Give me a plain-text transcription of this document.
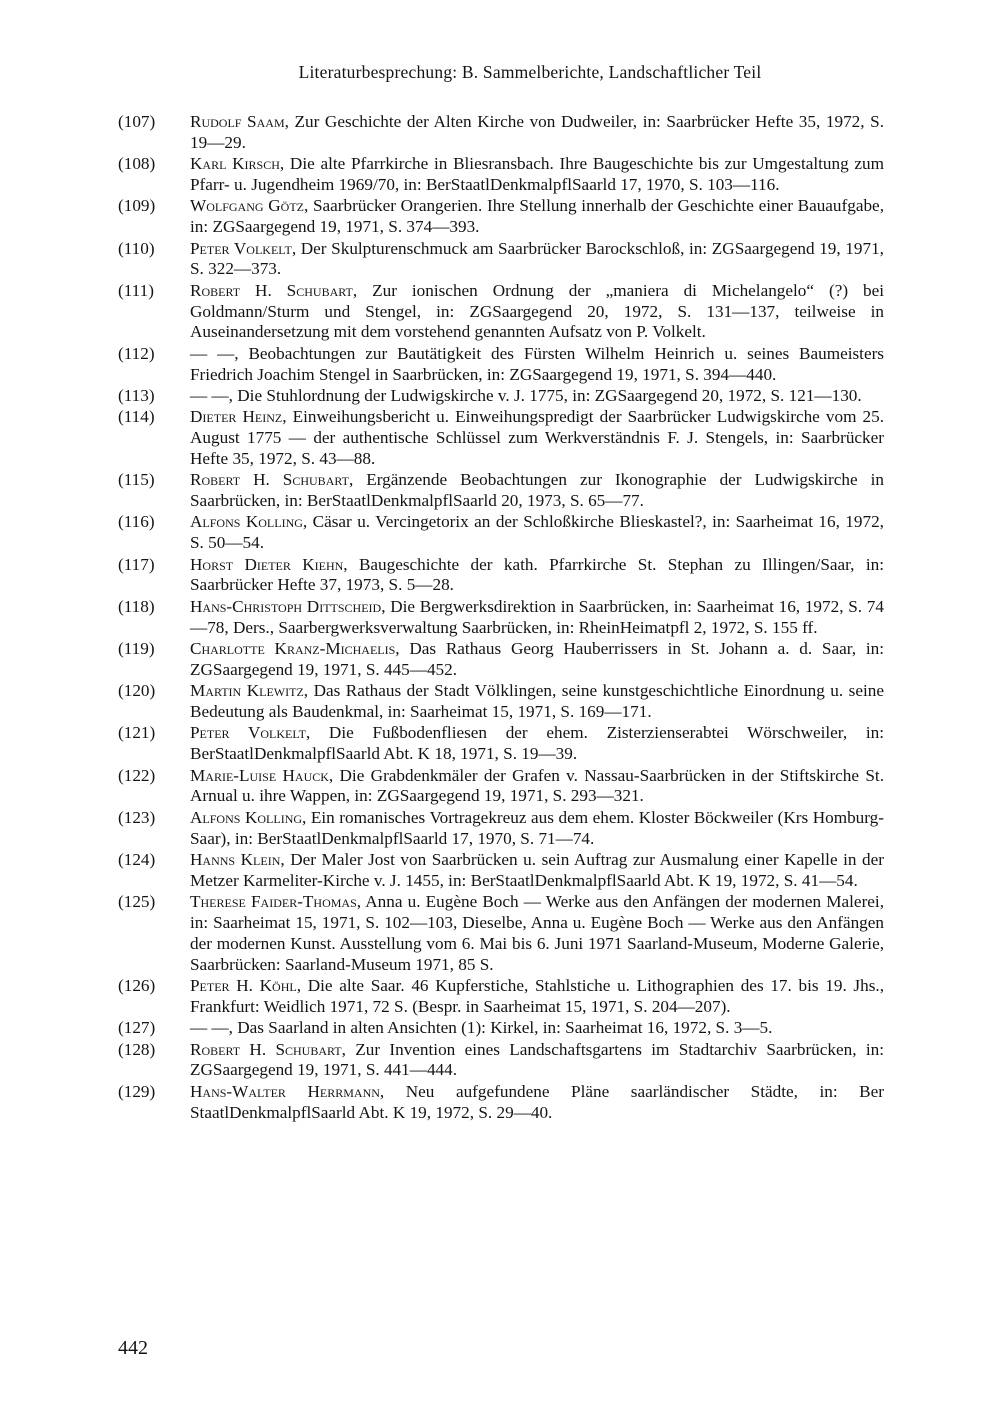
Literaturbesprechung: B. Sammelberichte, Landschaftlicher Teil
(107) Rudolf Saam, Zur Geschichte der Alten Kirche von Dudweiler, in: Saarbrücker Hefte 35, 1972, S. 19—29.
(108) Karl Kirsch, Die alte Pfarrkirche in Bliesransbach. Ihre Baugeschichte bis zur Umgestaltung zum Pfarr- u. Jugendheim 1969/70, in: BerStaatlDenkmalpflSaarld 17, 1970, S. 103—116.
(109) Wolfgang Götz, Saarbrücker Orangerien. Ihre Stellung innerhalb der Geschichte einer Bauaufgabe, in: ZGSaargegend 19, 1971, S. 374—393.
(110) Peter Volkelt, Der Skulpturenschmuck am Saarbrücker Barockschloß, in: ZGSaargegend 19, 1971, S. 322—373.
(111) Robert H. Schubart, Zur ionischen Ordnung der „maniera di Michelangelo“ (?) bei Goldmann/Sturm und Stengel, in: ZGSaargegend 20, 1972, S. 131—137, teilweise in Auseinandersetzung mit dem vorstehend genannten Aufsatz von P. Volkelt.
(112) — —, Beobachtungen zur Bautätigkeit des Fürsten Wilhelm Heinrich u. seines Baumeisters Friedrich Joachim Stengel in Saarbrücken, in: ZGSaargegend 19, 1971, S. 394—440.
(113) — —, Die Stuhlordnung der Ludwigskirche v. J. 1775, in: ZGSaargegend 20, 1972, S. 121—130.
(114) Dieter Heinz, Einweihungsbericht u. Einweihungspredigt der Saarbrücker Ludwigskirche vom 25. August 1775 — der authentische Schlüssel zum Werkverständnis F. J. Stengels, in: Saarbrücker Hefte 35, 1972, S. 43—88.
(115) Robert H. Schubart, Ergänzende Beobachtungen zur Ikonographie der Ludwigskirche in Saarbrücken, in: BerStaatlDenkmalpflSaarld 20, 1973, S. 65—77.
(116) Alfons Kolling, Cäsar u. Vercingetorix an der Schloßkirche Blieskastel?, in: Saarheimat 16, 1972, S. 50—54.
(117) Horst Dieter Kiehn, Baugeschichte der kath. Pfarrkirche St. Stephan zu Illingen/Saar, in: Saarbrücker Hefte 37, 1973, S. 5—28.
(118) Hans-Christoph Dittscheid, Die Bergwerksdirektion in Saarbrücken, in: Saarheimat 16, 1972, S. 74—78, Ders., Saarbergwerksverwaltung Saarbrücken, in: RheinHeimatpfl 2, 1972, S. 155 ff.
(119) Charlotte Kranz-Michaelis, Das Rathaus Georg Hauberrissers in St. Johann a. d. Saar, in: ZGSaargegend 19, 1971, S. 445—452.
(120) Martin Klewitz, Das Rathaus der Stadt Völklingen, seine kunstgeschichtliche Einordnung u. seine Bedeutung als Baudenkmal, in: Saarheimat 15, 1971, S. 169—171.
(121) Peter Volkelt, Die Fußbodenfliesen der ehem. Zisterzienserabtei Wörschweiler, in: BerStaatlDenkmalpflSaarld Abt. K 18, 1971, S. 19—39.
(122) Marie-Luise Hauck, Die Grabdenkmäler der Grafen v. Nassau-Saarbrücken in der Stiftskirche St. Arnual u. ihre Wappen, in: ZGSaargegend 19, 1971, S. 293—321.
(123) Alfons Kolling, Ein romanisches Vortragekreuz aus dem ehem. Kloster Böckweiler (Krs Homburg-Saar), in: BerStaatlDenkmalpflSaarld 17, 1970, S. 71—74.
(124) Hanns Klein, Der Maler Jost von Saarbrücken u. sein Auftrag zur Ausmalung einer Kapelle in der Metzer Karmeliter-Kirche v. J. 1455, in: BerStaatlDenkmalpflSaarld Abt. K 19, 1972, S. 41—54.
(125) Therese Faider-Thomas, Anna u. Eugène Boch — Werke aus den Anfängen der modernen Malerei, in: Saarheimat 15, 1971, S. 102—103, Dieselbe, Anna u. Eugène Boch — Werke aus den Anfängen der modernen Kunst. Ausstellung vom 6. Mai bis 6. Juni 1971 Saarland-Museum, Moderne Galerie, Saarbrücken: Saarland-Museum 1971, 85 S.
(126) Peter H. Köhl, Die alte Saar. 46 Kupferstiche, Stahlstiche u. Lithographien des 17. bis 19. Jhs., Frankfurt: Weidlich 1971, 72 S. (Bespr. in Saarheimat 15, 1971, S. 204—207).
(127) — —, Das Saarland in alten Ansichten (1): Kirkel, in: Saarheimat 16, 1972, S. 3—5.
(128) Robert H. Schubart, Zur Invention eines Landschaftsgartens im Stadtarchiv Saarbrücken, in: ZGSaargegend 19, 1971, S. 441—444.
(129) Hans-Walter Herrmann, Neu aufgefundene Pläne saarländischer Städte, in: Ber StaatlDenkmalpflSaarld Abt. K 19, 1972, S. 29—40.
442
